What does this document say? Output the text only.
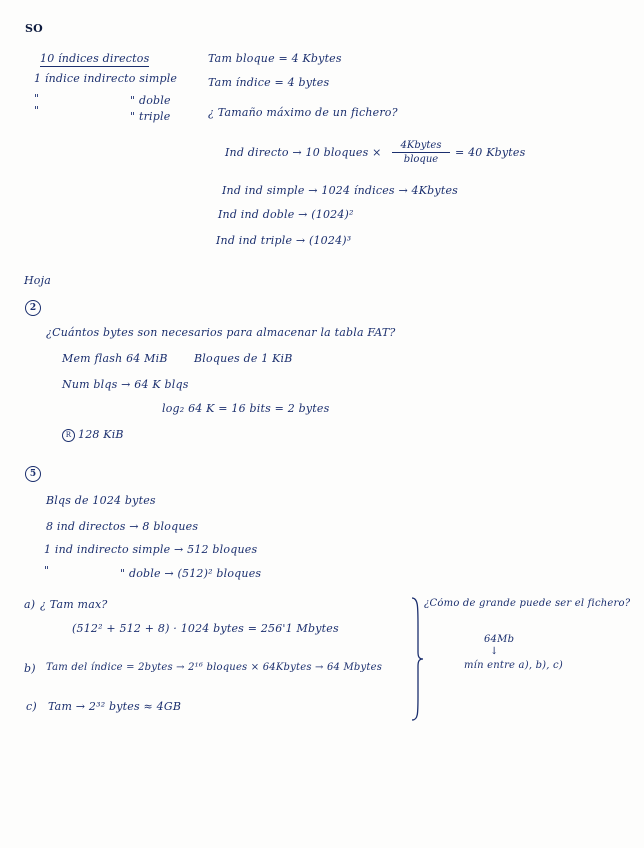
SO
10 índices directos
1 índice indirecto simple
"	" doble
"	" triple
Tam bloque = 4 Kbytes
Tam índice = 4 bytes
¿ Tamaño máximo de un fichero?
Ind directo → 10 bloques ×
4Kbytes
bloque
= 40 Kbytes
Ind ind simple → 1024 índices → 4Kbytes
Ind ind doble → (1024)²
Ind ind triple → (1024)³
Hoja
2
¿Cuántos bytes son necesarios para almacenar la tabla FAT?
Mem flash 64 MiB Bloques de 1 KiB
Num blqs → 64 K blqs
log₂ 64 K = 16 bits = 2 bytes
R 128 KiB
5
Blqs de 1024 bytes
8 ind directos → 8 bloques
1 ind indirecto simple → 512 bloques
"	" doble → (512)² bloques
a) ¿ Tam max?
(512² + 512 + 8) · 1024 bytes = 256'1 Mbytes
b) Tam del índice = 2bytes → 2¹⁶ bloques × 64Kbytes → 64 Mbytes
c) Tam → 2³² bytes ≈ 4GB
¿Cómo de grande puede ser el fichero?
64Mb
↓
mín entre a), b), c)
